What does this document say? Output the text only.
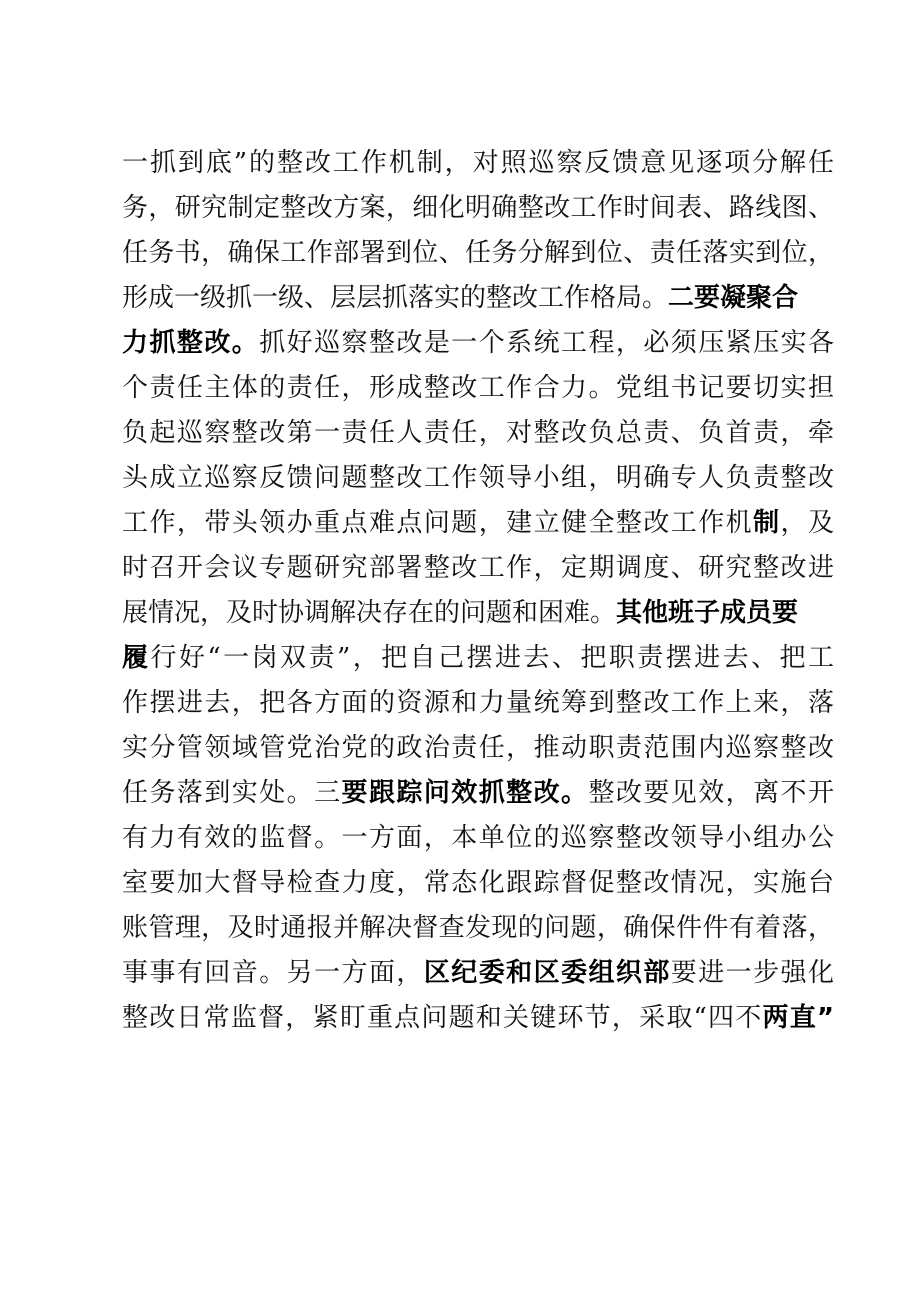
一抓到底”的整改工作机制，对照巡察反馈意见逐项分解任
务，研究制定整改方案，细化明确整改工作时间表、路线图、
任务书，确保工作部署到位、任务分解到位、责任落实到位，
形成一级抓一级、层层抓落实的整改工作格局。二要凝聚合
力抓整改。抓好巡察整改是一个系统工程，必须压紧压实各
个责任主体的责任，形成整改工作合力。党组书记要切实担
负起巡察整改第一责任人责任，对整改负总责、负首责，牵
头成立巡察反馈问题整改工作领导小组，明确专人负责整改
工作，带头领办重点难点问题，建立健全整改工作机制，及
时召开会议专题研究部署整改工作，定期调度、研究整改进
展情况，及时协调解决存在的问题和困难。其他班子成员要
履行好“一岗双责”，把自己摆进去、把职责摆进去、把工
作摆进去，把各方面的资源和力量统筹到整改工作上来，落
实分管领域管党治党的政治责任，推动职责范围内巡察整改
任务落到实处。三要跟踪问效抓整改。整改要见效，离不开
有力有效的监督。一方面，本单位的巡察整改领导小组办公
室要加大督导检查力度，常态化跟踪督促整改情况，实施台
账管理，及时通报并解决督查发现的问题，确保件件有着落，
事事有回音。另一方面，区纪委和区委组织部要进一步强化
整改日常监督，紧盯重点问题和关键环节，采取“四不两直”
